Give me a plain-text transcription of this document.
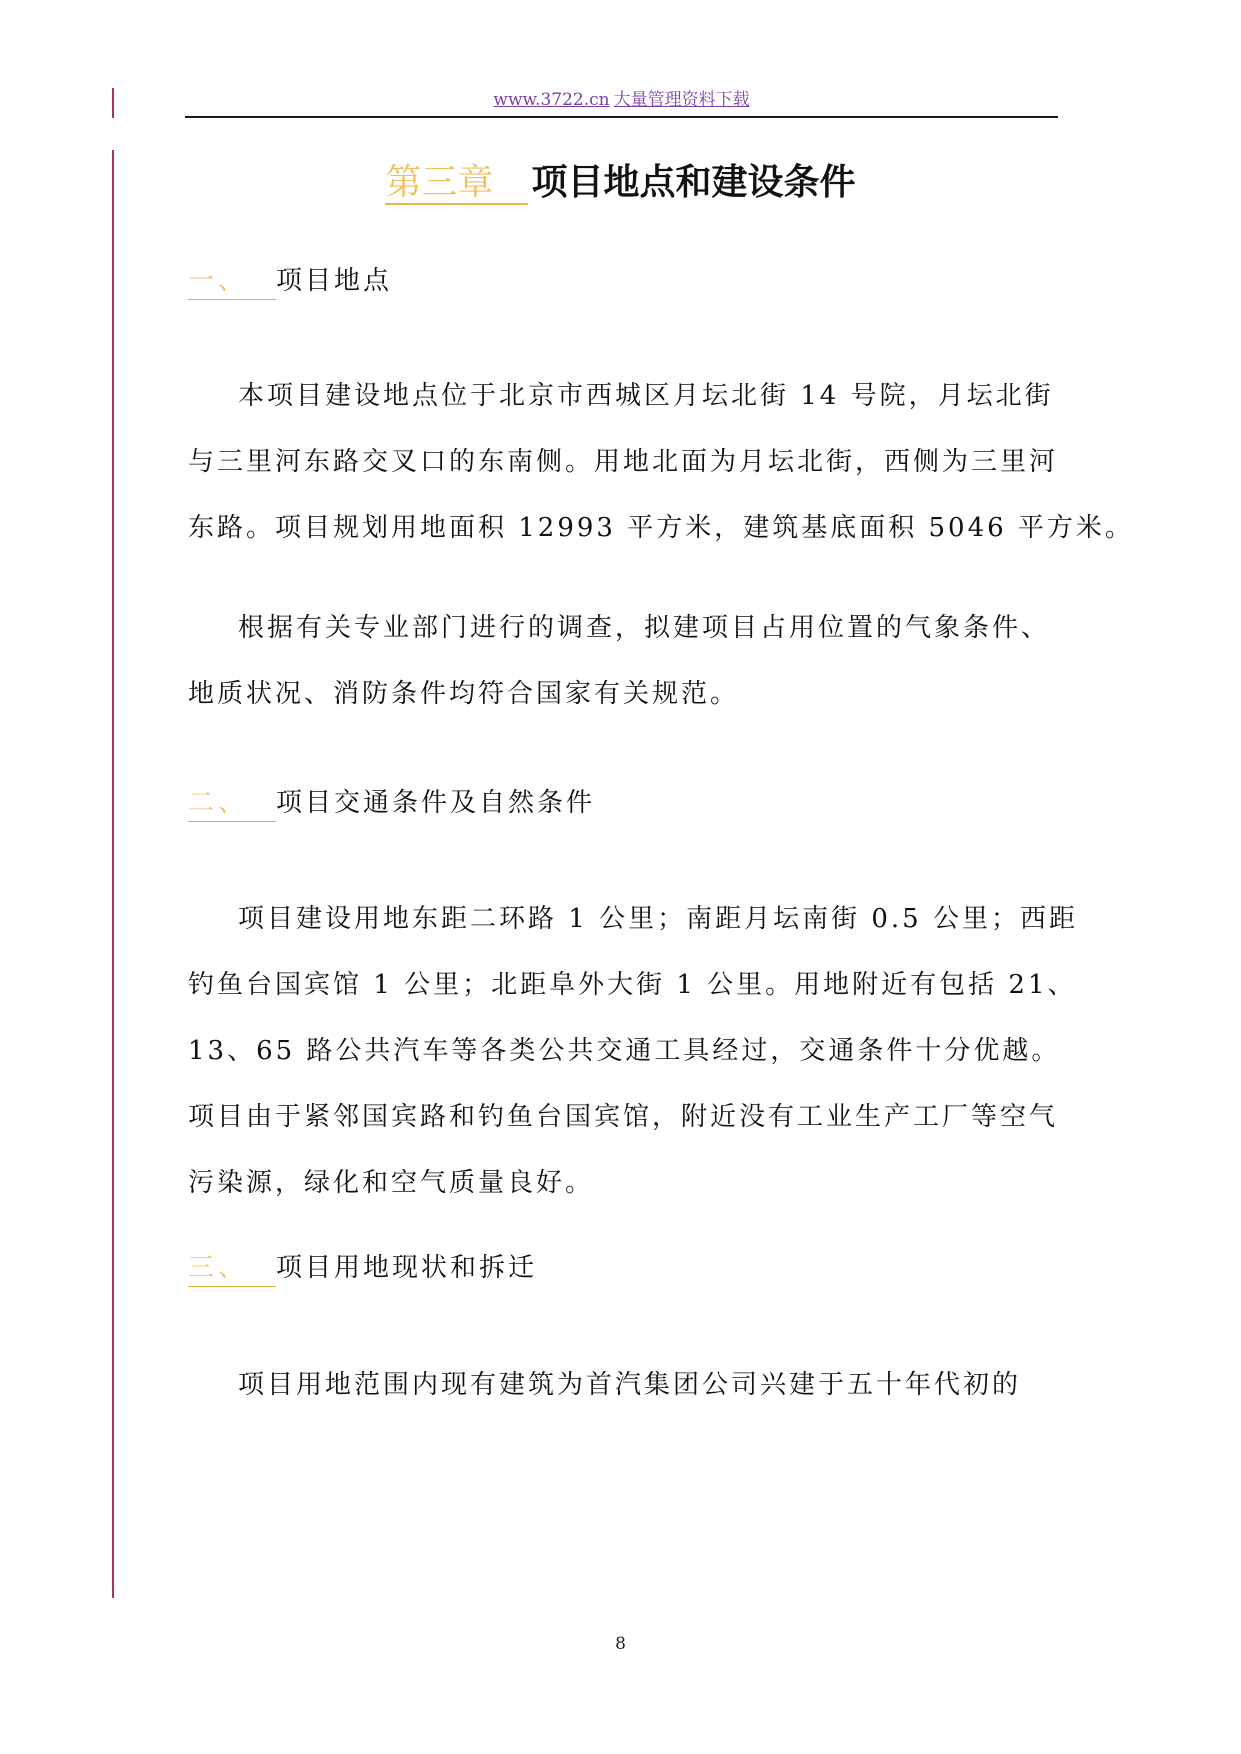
www.3722.cn 大量管理资料下载
第三章 项目地点和建设条件
一、 项目地点

本项目建设地点位于北京市西城区月坛北街 14 号院，月坛北街
与三里河东路交叉口的东南侧。用地北面为月坛北街，西侧为三里河
东路。项目规划用地面积 12993 平方米，建筑基底面积 5046 平方米。

根据有关专业部门进行的调查，拟建项目占用位置的气象条件、
地质状况、消防条件均符合国家有关规范。

二、 项目交通条件及自然条件

项目建设用地东距二环路 1 公里；南距月坛南街 0.5 公里；西距
钓鱼台国宾馆 1 公里；北距阜外大街 1 公里。用地附近有包括 21、
13、65 路公共汽车等各类公共交通工具经过，交通条件十分优越。
项目由于紧邻国宾路和钓鱼台国宾馆，附近没有工业生产工厂等空气
污染源，绿化和空气质量良好。

三、 项目用地现状和拆迁

项目用地范围内现有建筑为首汽集团公司兴建于五十年代初的

8
